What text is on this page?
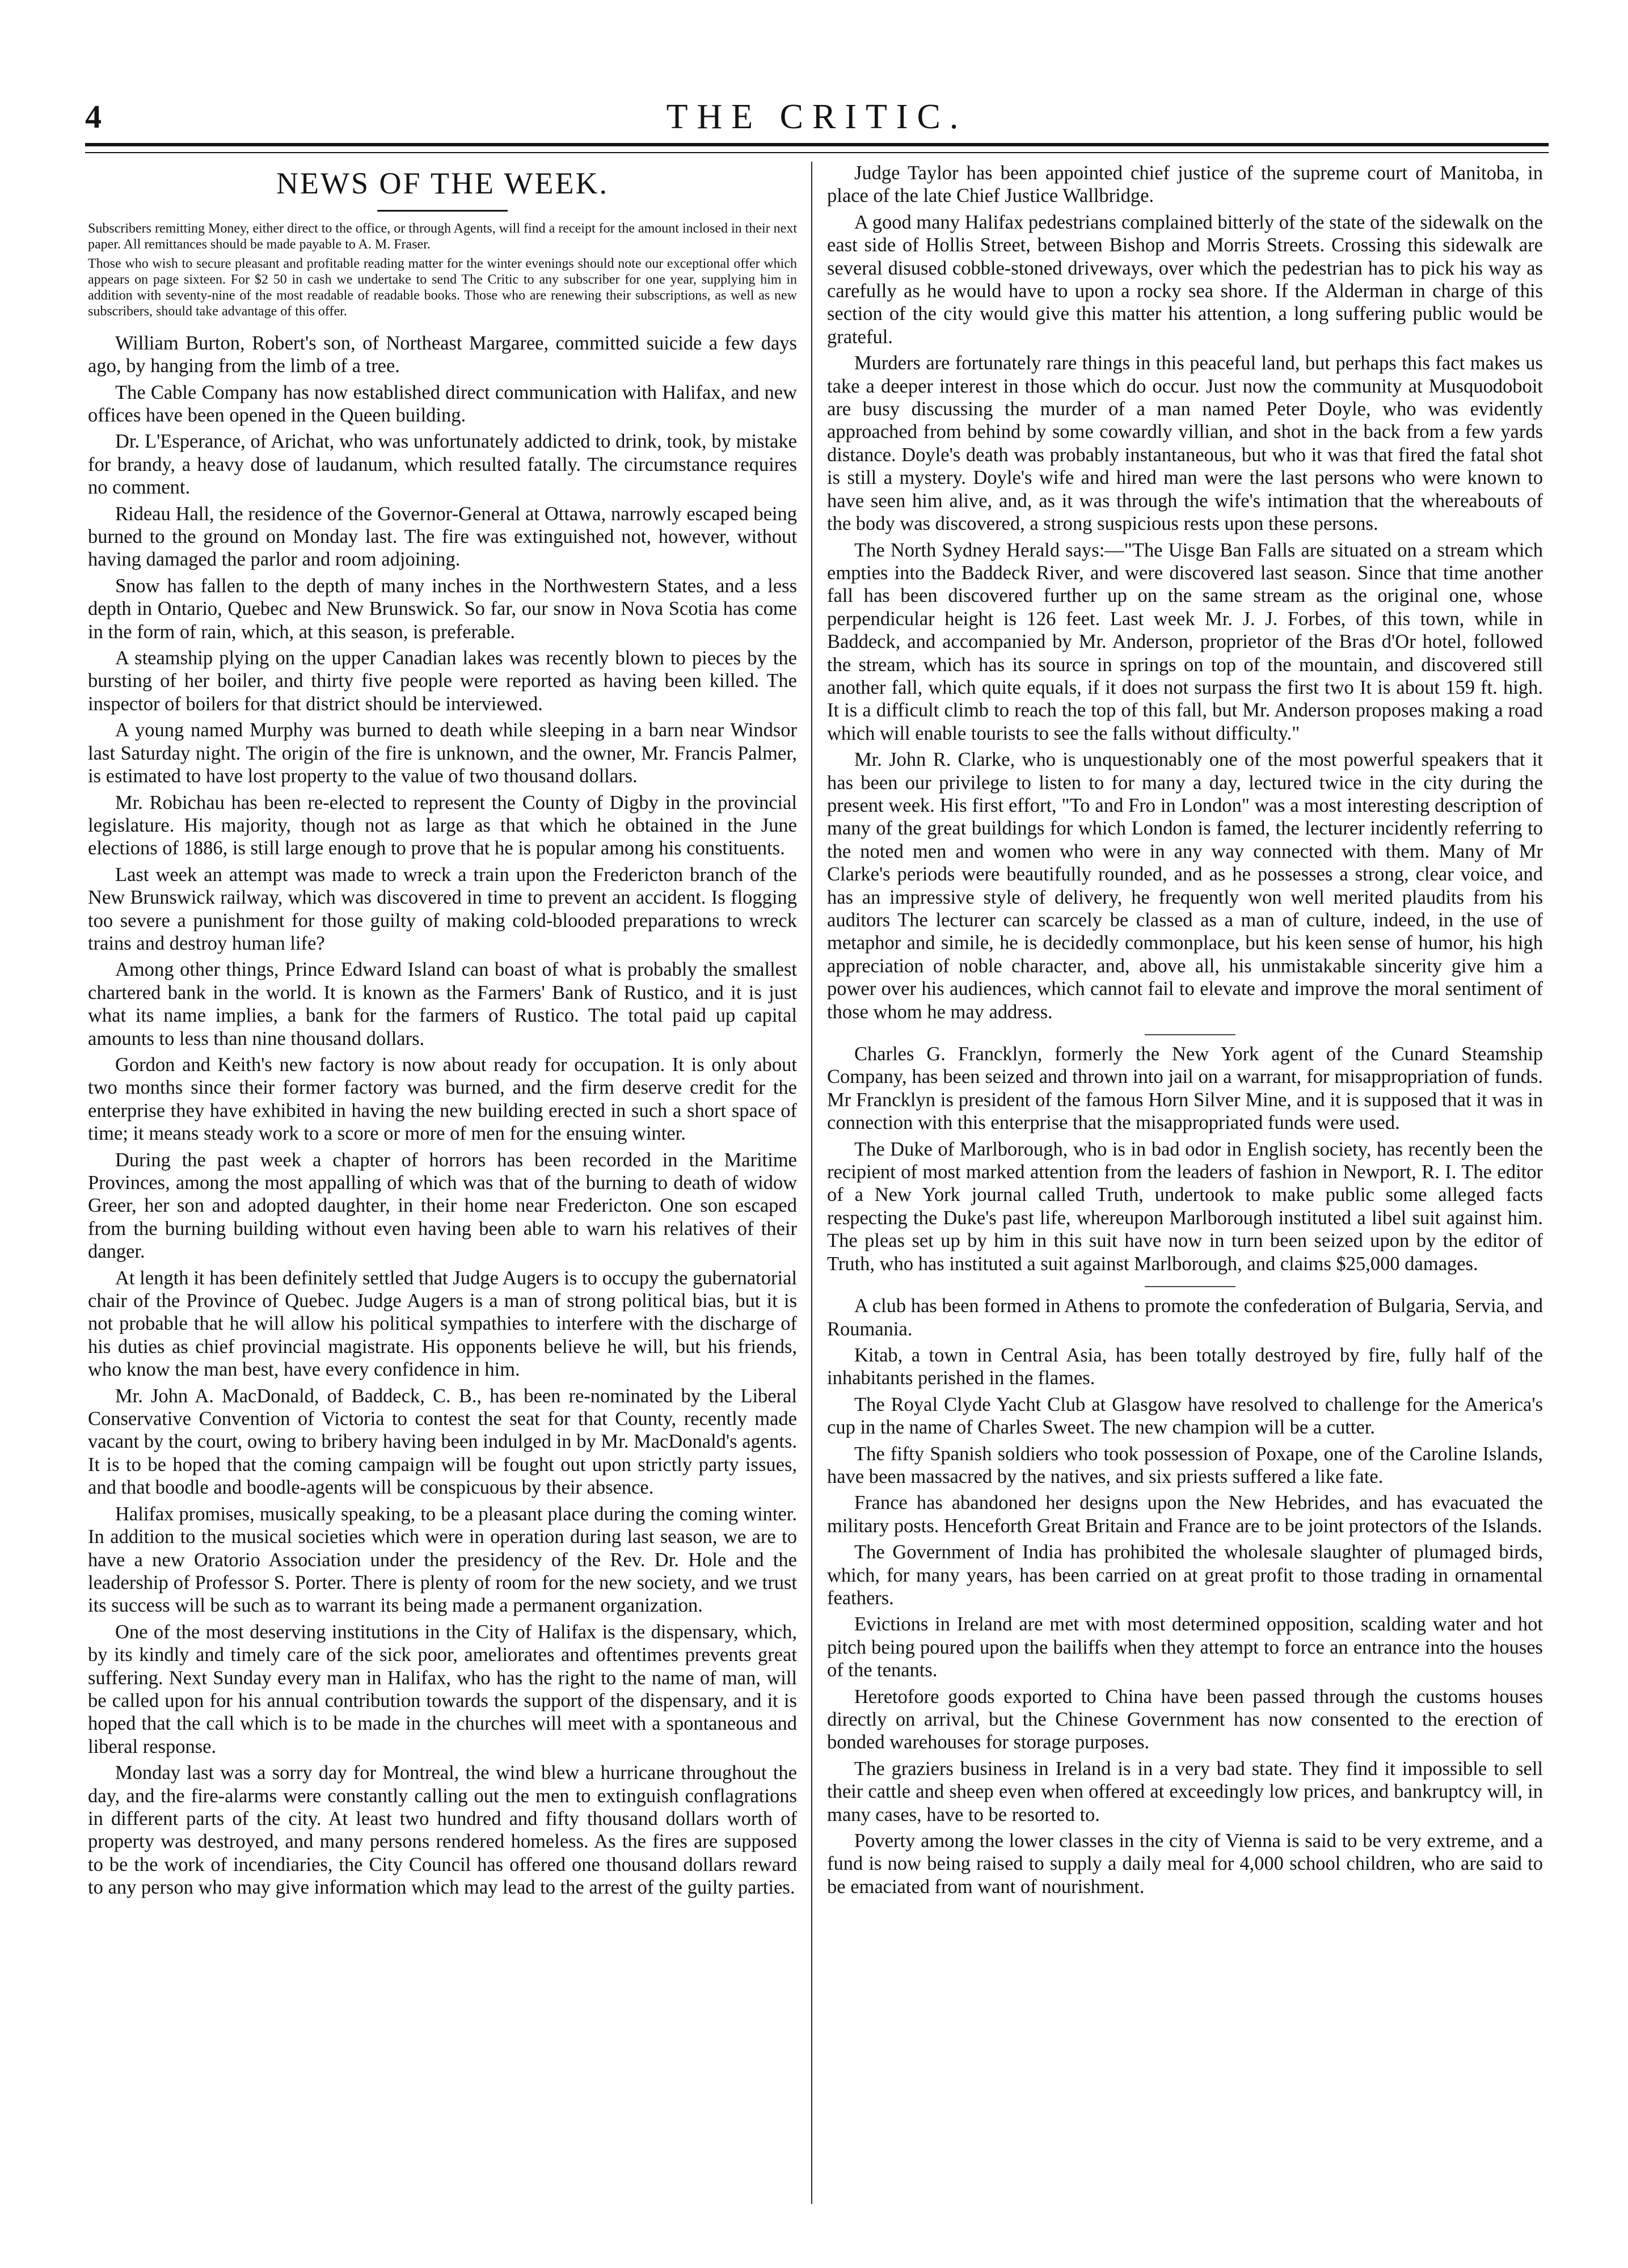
4	THE CRITIC.
NEWS OF THE WEEK.

Subscribers remitting Money, either direct to the office, or through Agents, will find a receipt for the amount inclosed in their next paper. All remittances should be made payable to A. M. Fraser.

Those who wish to secure pleasant and profitable reading matter for the winter evenings should note our exceptional offer which appears on page sixteen. For $2 50 in cash we undertake to send The Critic to any subscriber for one year, supplying him in addition with seventy-nine of the most readable of readable books. Those who are renewing their subscriptions, as well as new subscribers, should take advantage of this offer.

William Burton, Robert's son, of Northeast Margaree, committed suicide a few days ago, by hanging from the limb of a tree.

The Cable Company has now established direct communication with Halifax, and new offices have been opened in the Queen building.

Dr. L'Esperance, of Arichat, who was unfortunately addicted to drink, took, by mistake for brandy, a heavy dose of laudanum, which resulted fatally. The circumstance requires no comment.

Rideau Hall, the residence of the Governor-General at Ottawa, narrowly escaped being burned to the ground on Monday last. The fire was extinguished not, however, without having damaged the parlor and room adjoining.

Snow has fallen to the depth of many inches in the Northwestern States, and a less depth in Ontario, Quebec and New Brunswick. So far, our snow in Nova Scotia has come in the form of rain, which, at this season, is preferable.

A steamship plying on the upper Canadian lakes was recently blown to pieces by the bursting of her boiler, and thirty five people were reported as having been killed. The inspector of boilers for that district should be interviewed.

A young named Murphy was burned to death while sleeping in a barn near Windsor last Saturday night. The origin of the fire is unknown, and the owner, Mr. Francis Palmer, is estimated to have lost property to the value of two thousand dollars.

Mr. Robichau has been re-elected to represent the County of Digby in the provincial legislature. His majority, though not as large as that which he obtained in the June elections of 1886, is still large enough to prove that he is popular among his constituents.

Last week an attempt was made to wreck a train upon the Fredericton branch of the New Brunswick railway, which was discovered in time to prevent an accident. Is flogging too severe a punishment for those guilty of making cold-blooded preparations to wreck trains and destroy human life?

Among other things, Prince Edward Island can boast of what is probably the smallest chartered bank in the world. It is known as the Farmers' Bank of Rustico, and it is just what its name implies, a bank for the farmers of Rustico. The total paid up capital amounts to less than nine thousand dollars.

Gordon and Keith's new factory is now about ready for occupation. It is only about two months since their former factory was burned, and the firm deserve credit for the enterprise they have exhibited in having the new building erected in such a short space of time; it means steady work to a score or more of men for the ensuing winter.

During the past week a chapter of horrors has been recorded in the Maritime Provinces, among the most appalling of which was that of the burning to death of widow Greer, her son and adopted daughter, in their home near Fredericton. One son escaped from the burning building without even having been able to warn his relatives of their danger.

At length it has been definitely settled that Judge Augers is to occupy the gubernatorial chair of the Province of Quebec. Judge Augers is a man of strong political bias, but it is not probable that he will allow his political sympathies to interfere with the discharge of his duties as chief provincial magistrate. His opponents believe he will, but his friends, who know the man best, have every confidence in him.

Mr. John A. MacDonald, of Baddeck, C. B., has been re-nominated by the Liberal Conservative Convention of Victoria to contest the seat for that County, recently made vacant by the court, owing to bribery having been indulged in by Mr. MacDonald's agents. It is to be hoped that the coming campaign will be fought out upon strictly party issues, and that boodle and boodle-agents will be conspicuous by their absence.

Halifax promises, musically speaking, to be a pleasant place during the coming winter. In addition to the musical societies which were in operation during last season, we are to have a new Oratorio Association under the presidency of the Rev. Dr. Hole and the leadership of Professor S. Porter. There is plenty of room for the new society, and we trust its success will be such as to warrant its being made a permanent organization.

One of the most deserving institutions in the City of Halifax is the dispensary, which, by its kindly and timely care of the sick poor, ameliorates and oftentimes prevents great suffering. Next Sunday every man in Halifax, who has the right to the name of man, will be called upon for his annual contribution towards the support of the dispensary, and it is hoped that the call which is to be made in the churches will meet with a spontaneous and liberal response.

Monday last was a sorry day for Montreal, the wind blew a hurricane throughout the day, and the fire-alarms were constantly calling out the men to extinguish conflagrations in different parts of the city. At least two hundred and fifty thousand dollars worth of property was destroyed, and many persons rendered homeless. As the fires are supposed to be the work of incendiaries, the City Council has offered one thousand dollars reward to any person who may give information which may lead to the arrest of the guilty parties.

Judge Taylor has been appointed chief justice of the supreme court of Manitoba, in place of the late Chief Justice Wallbridge.

A good many Halifax pedestrians complained bitterly of the state of the sidewalk on the east side of Hollis Street, between Bishop and Morris Streets. Crossing this sidewalk are several disused cobble-stoned driveways, over which the pedestrian has to pick his way as carefully as he would have to upon a rocky sea shore. If the Alderman in charge of this section of the city would give this matter his attention, a long suffering public would be grateful.

Murders are fortunately rare things in this peaceful land, but perhaps this fact makes us take a deeper interest in those which do occur. Just now the community at Musquodoboit are busy discussing the murder of a man named Peter Doyle, who was evidently approached from behind by some cowardly villian, and shot in the back from a few yards distance. Doyle's death was probably instantaneous, but who it was that fired the fatal shot is still a mystery. Doyle's wife and hired man were the last persons who were known to have seen him alive, and, as it was through the wife's intimation that the whereabouts of the body was discovered, a strong suspicious rests upon these persons.

The North Sydney Herald says:—"The Uisge Ban Falls are situated on a stream which empties into the Baddeck River, and were discovered last season. Since that time another fall has been discovered further up on the same stream as the original one, whose perpendicular height is 126 feet. Last week Mr. J. J. Forbes, of this town, while in Baddeck, and accompanied by Mr. Anderson, proprietor of the Bras d'Or hotel, followed the stream, which has its source in springs on top of the mountain, and discovered still another fall, which quite equals, if it does not surpass the first two It is about 159 ft. high. It is a difficult climb to reach the top of this fall, but Mr. Anderson proposes making a road which will enable tourists to see the falls without difficulty."

Mr. John R. Clarke, who is unquestionably one of the most powerful speakers that it has been our privilege to listen to for many a day, lectured twice in the city during the present week. His first effort, "To and Fro in London" was a most interesting description of many of the great buildings for which London is famed, the lecturer incidently referring to the noted men and women who were in any way connected with them. Many of Mr Clarke's periods were beautifully rounded, and as he possesses a strong, clear voice, and has an impressive style of delivery, he frequently won well merited plaudits from his auditors The lecturer can scarcely be classed as a man of culture, indeed, in the use of metaphor and simile, he is decidedly commonplace, but his keen sense of humor, his high appreciation of noble character, and, above all, his unmistakable sincerity give him a power over his audiences, which cannot fail to elevate and improve the moral sentiment of those whom he may address.

Charles G. Francklyn, formerly the New York agent of the Cunard Steamship Company, has been seized and thrown into jail on a warrant, for misappropriation of funds. Mr Francklyn is president of the famous Horn Silver Mine, and it is supposed that it was in connection with this enterprise that the misappropriated funds were used.

The Duke of Marlborough, who is in bad odor in English society, has recently been the recipient of most marked attention from the leaders of fashion in Newport, R. I. The editor of a New York journal called Truth, undertook to make public some alleged facts respecting the Duke's past life, whereupon Marlborough instituted a libel suit against him. The pleas set up by him in this suit have now in turn been seized upon by the editor of Truth, who has instituted a suit against Marlborough, and claims $25,000 damages.

A club has been formed in Athens to promote the confederation of Bulgaria, Servia, and Roumania.

Kitab, a town in Central Asia, has been totally destroyed by fire, fully half of the inhabitants perished in the flames.

The Royal Clyde Yacht Club at Glasgow have resolved to challenge for the America's cup in the name of Charles Sweet. The new champion will be a cutter.

The fifty Spanish soldiers who took possession of Poxape, one of the Caroline Islands, have been massacred by the natives, and six priests suffered a like fate.

France has abandoned her designs upon the New Hebrides, and has evacuated the military posts. Henceforth Great Britain and France are to be joint protectors of the Islands.

The Government of India has prohibited the wholesale slaughter of plumaged birds, which, for many years, has been carried on at great profit to those trading in ornamental feathers.

Evictions in Ireland are met with most determined opposition, scalding water and hot pitch being poured upon the bailiffs when they attempt to force an entrance into the houses of the tenants.

Heretofore goods exported to China have been passed through the customs houses directly on arrival, but the Chinese Government has now consented to the erection of bonded warehouses for storage purposes.

The graziers business in Ireland is in a very bad state. They find it impossible to sell their cattle and sheep even when offered at exceedingly low prices, and bankruptcy will, in many cases, have to be resorted to.

Poverty among the lower classes in the city of Vienna is said to be very extreme, and a fund is now being raised to supply a daily meal for 4,000 school children, who are said to be emaciated from want of nourishment.
